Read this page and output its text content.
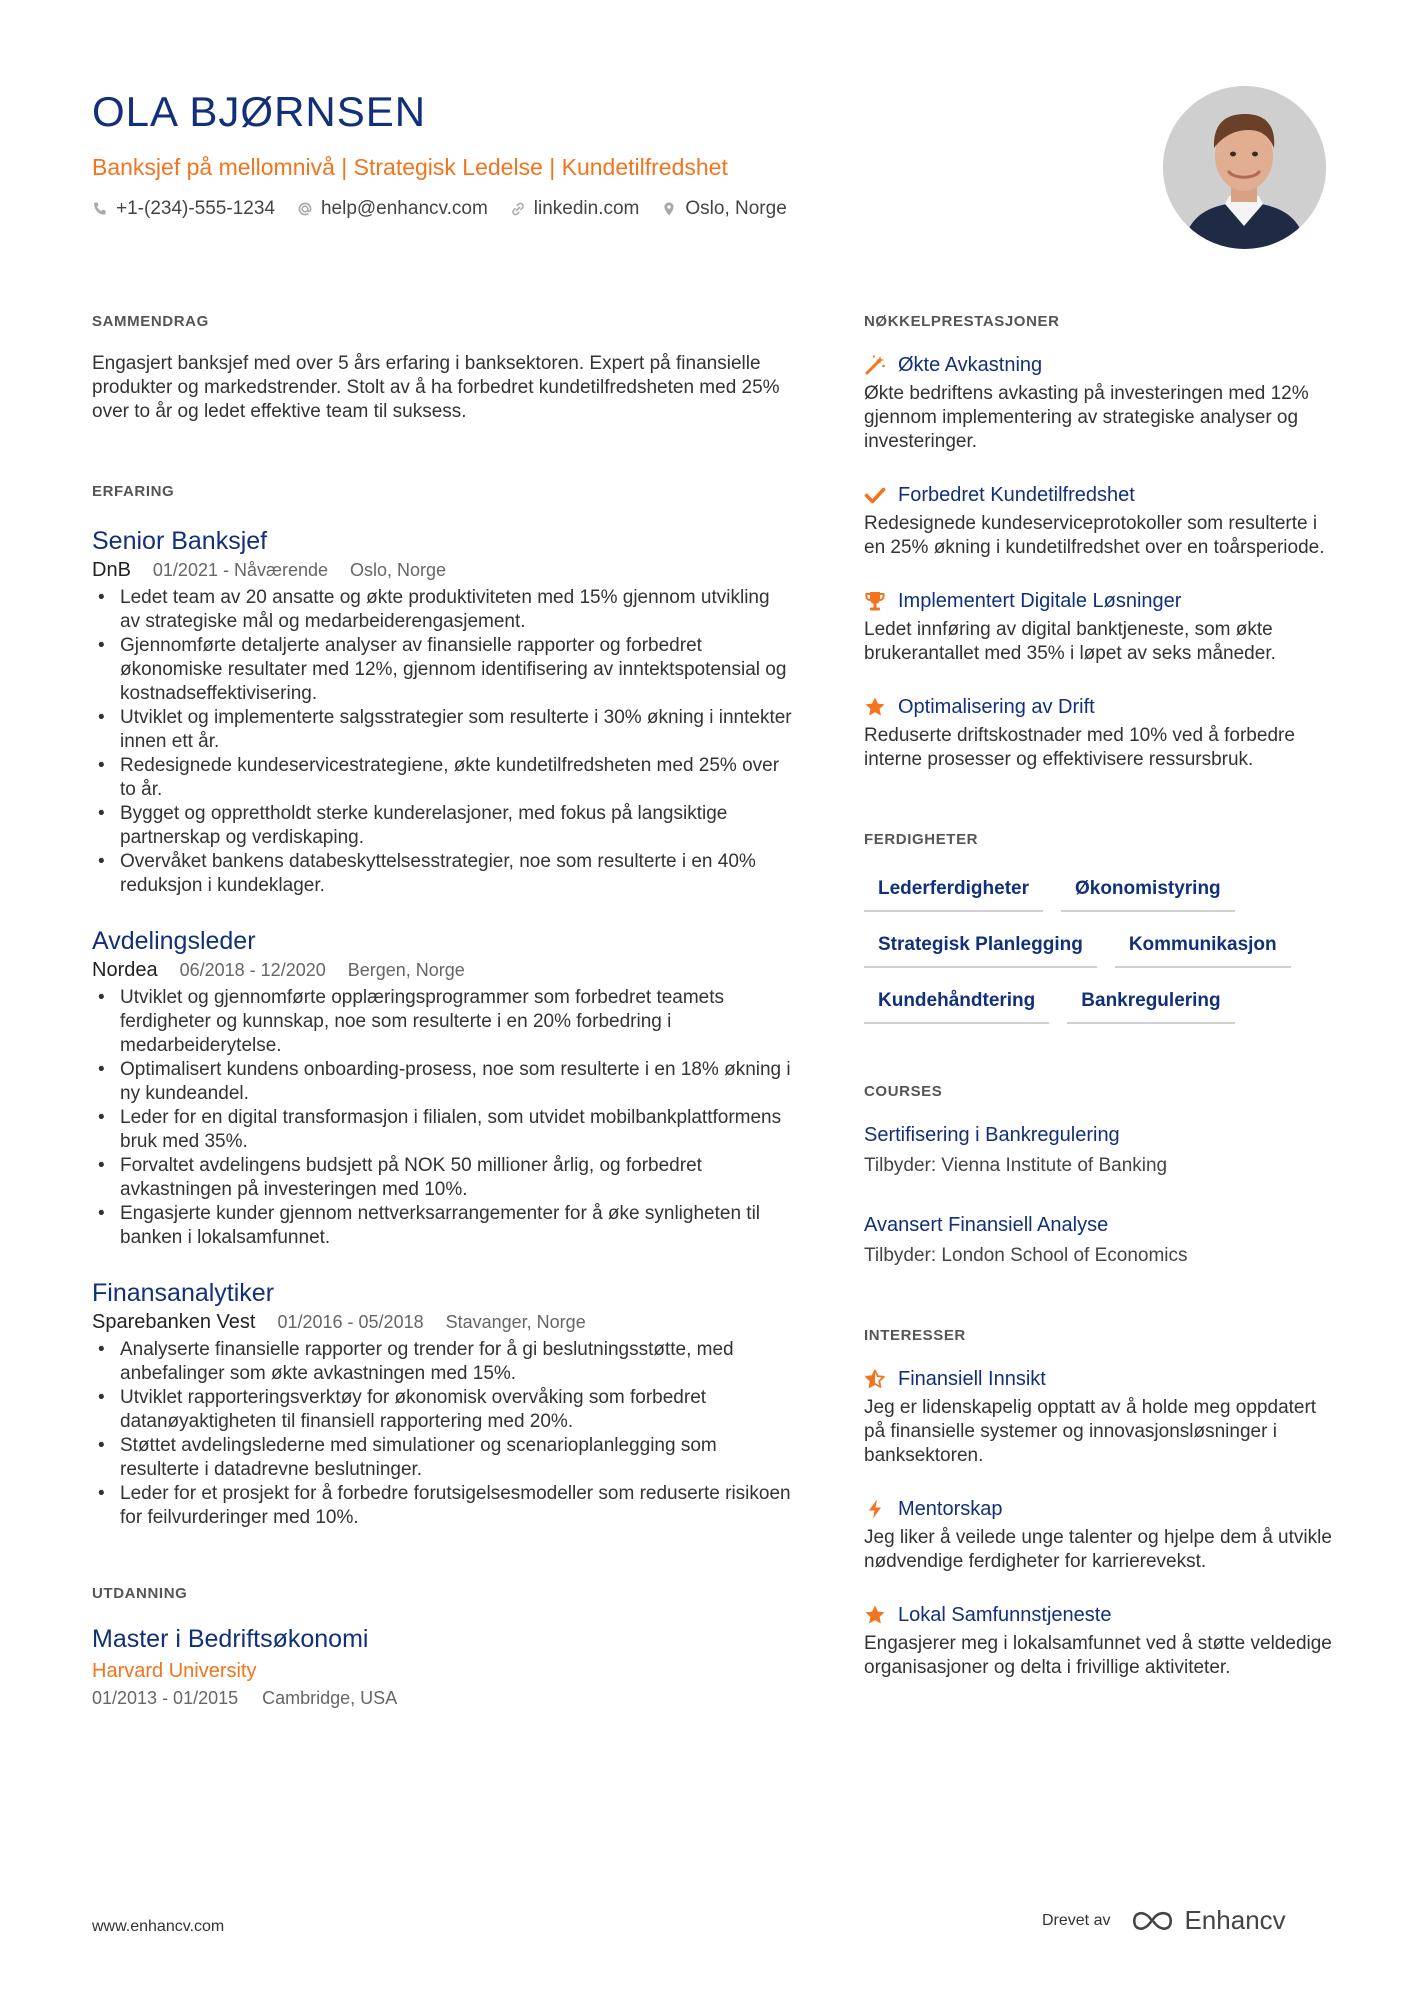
OLA BJØRNSEN
Banksjef på mellomnivå | Strategisk Ledelse | Kundetilfredshet
+1-(234)-555-1234 help@enhancv.com linkedin.com Oslo, Norge
SAMMENDRAG

Engasjert banksjef med over 5 års erfaring i banksektoren. Expert på finansielle produkter og markedstrender. Stolt av å ha forbedret kundetilfredsheten med 25% over to år og ledet effektive team til suksess.

ERFARING
Senior Banksjef
DnB 01/2021 - Nåværende Oslo, Norge
• Ledet team av 20 ansatte og økte produktiviteten med 15% gjennom utvikling av strategiske mål og medarbeiderengasjement.
• Gjennomførte detaljerte analyser av finansielle rapporter og forbedret økonomiske resultater med 12%, gjennom identifisering av inntektspotensial og kostnadseffektivisering.
• Utviklet og implementerte salgsstrategier som resulterte i 30% økning i inntekter innen ett år.
• Redesignede kundeservicestrategiene, økte kundetilfredsheten med 25% over to år.
• Bygget og opprettholdt sterke kunderelasjoner, med fokus på langsiktige partnerskap og verdiskaping.
• Overvåket bankens databeskyttelsesstrategier, noe som resulterte i en 40% reduksjon i kundeklager.
Avdelingsleder
Nordea 06/2018 - 12/2020 Bergen, Norge
• Utviklet og gjennomførte opplæringsprogrammer som forbedret teamets ferdigheter og kunnskap, noe som resulterte i en 20% forbedring i medarbeiderytelse.
• Optimalisert kundens onboarding-prosess, noe som resulterte i en 18% økning i ny kundeandel.
• Leder for en digital transformasjon i filialen, som utvidet mobilbankplattformens bruk med 35%.
• Forvaltet avdelingens budsjett på NOK 50 millioner årlig, og forbedret avkastningen på investeringen med 10%.
• Engasjerte kunder gjennom nettverksarrangementer for å øke synligheten til banken i lokalsamfunnet.
Finansanalytiker
Sparebanken Vest 01/2016 - 05/2018 Stavanger, Norge
• Analyserte finansielle rapporter og trender for å gi beslutningsstøtte, med anbefalinger som økte avkastningen med 15%.
• Utviklet rapporteringsverktøy for økonomisk overvåking som forbedret datanøyaktigheten til finansiell rapportering med 20%.
• Støttet avdelingslederne med simulationer og scenarioplanlegging som resulterte i datadrevne beslutninger.
• Leder for et prosjekt for å forbedre forutsigelsesmodeller som reduserte risikoen for feilvurderinger med 10%.
UTDANNING
Master i Bedriftsøkonomi
Harvard University
01/2013 - 01/2015 Cambridge, USA
NØKKELPRESTASJONER
Økte Avkastning

Økte bedriftens avkasting på investeringen med 12% gjennom implementering av strategiske analyser og investeringer.

Forbedret Kundetilfredshet

Redesignede kundeserviceprotokoller som resulterte i en 25% økning i kundetilfredshet over en toårsperiode.

Implementert Digitale Løsninger

Ledet innføring av digital banktjeneste, som økte brukerantallet med 35% i løpet av seks måneder.

Optimalisering av Drift

Reduserte driftskostnader med 10% ved å forbedre interne prosesser og effektivisere ressursbruk.

FERDIGHETER
Lederferdigheter	Økonomistyring
Strategisk Planlegging	Kommunikasjon
Kundehåndtering	Bankregulering
COURSES
Sertifisering i Bankregulering
Tilbyder: Vienna Institute of Banking
Avansert Finansiell Analyse
Tilbyder: London School of Economics
INTERESSER
Finansiell Innsikt

Jeg er lidenskapelig opptatt av å holde meg oppdatert på finansielle systemer og innovasjonsløsninger i banksektoren.

Mentorskap

Jeg liker å veilede unge talenter og hjelpe dem å utvikle nødvendige ferdigheter for karrierevekst.

Lokal Samfunnstjeneste

Engasjerer meg i lokalsamfunnet ved å støtte veldedige organisasjoner og delta i frivillige aktiviteter.

www.enhancv.com	Drevet av	Enhancv
